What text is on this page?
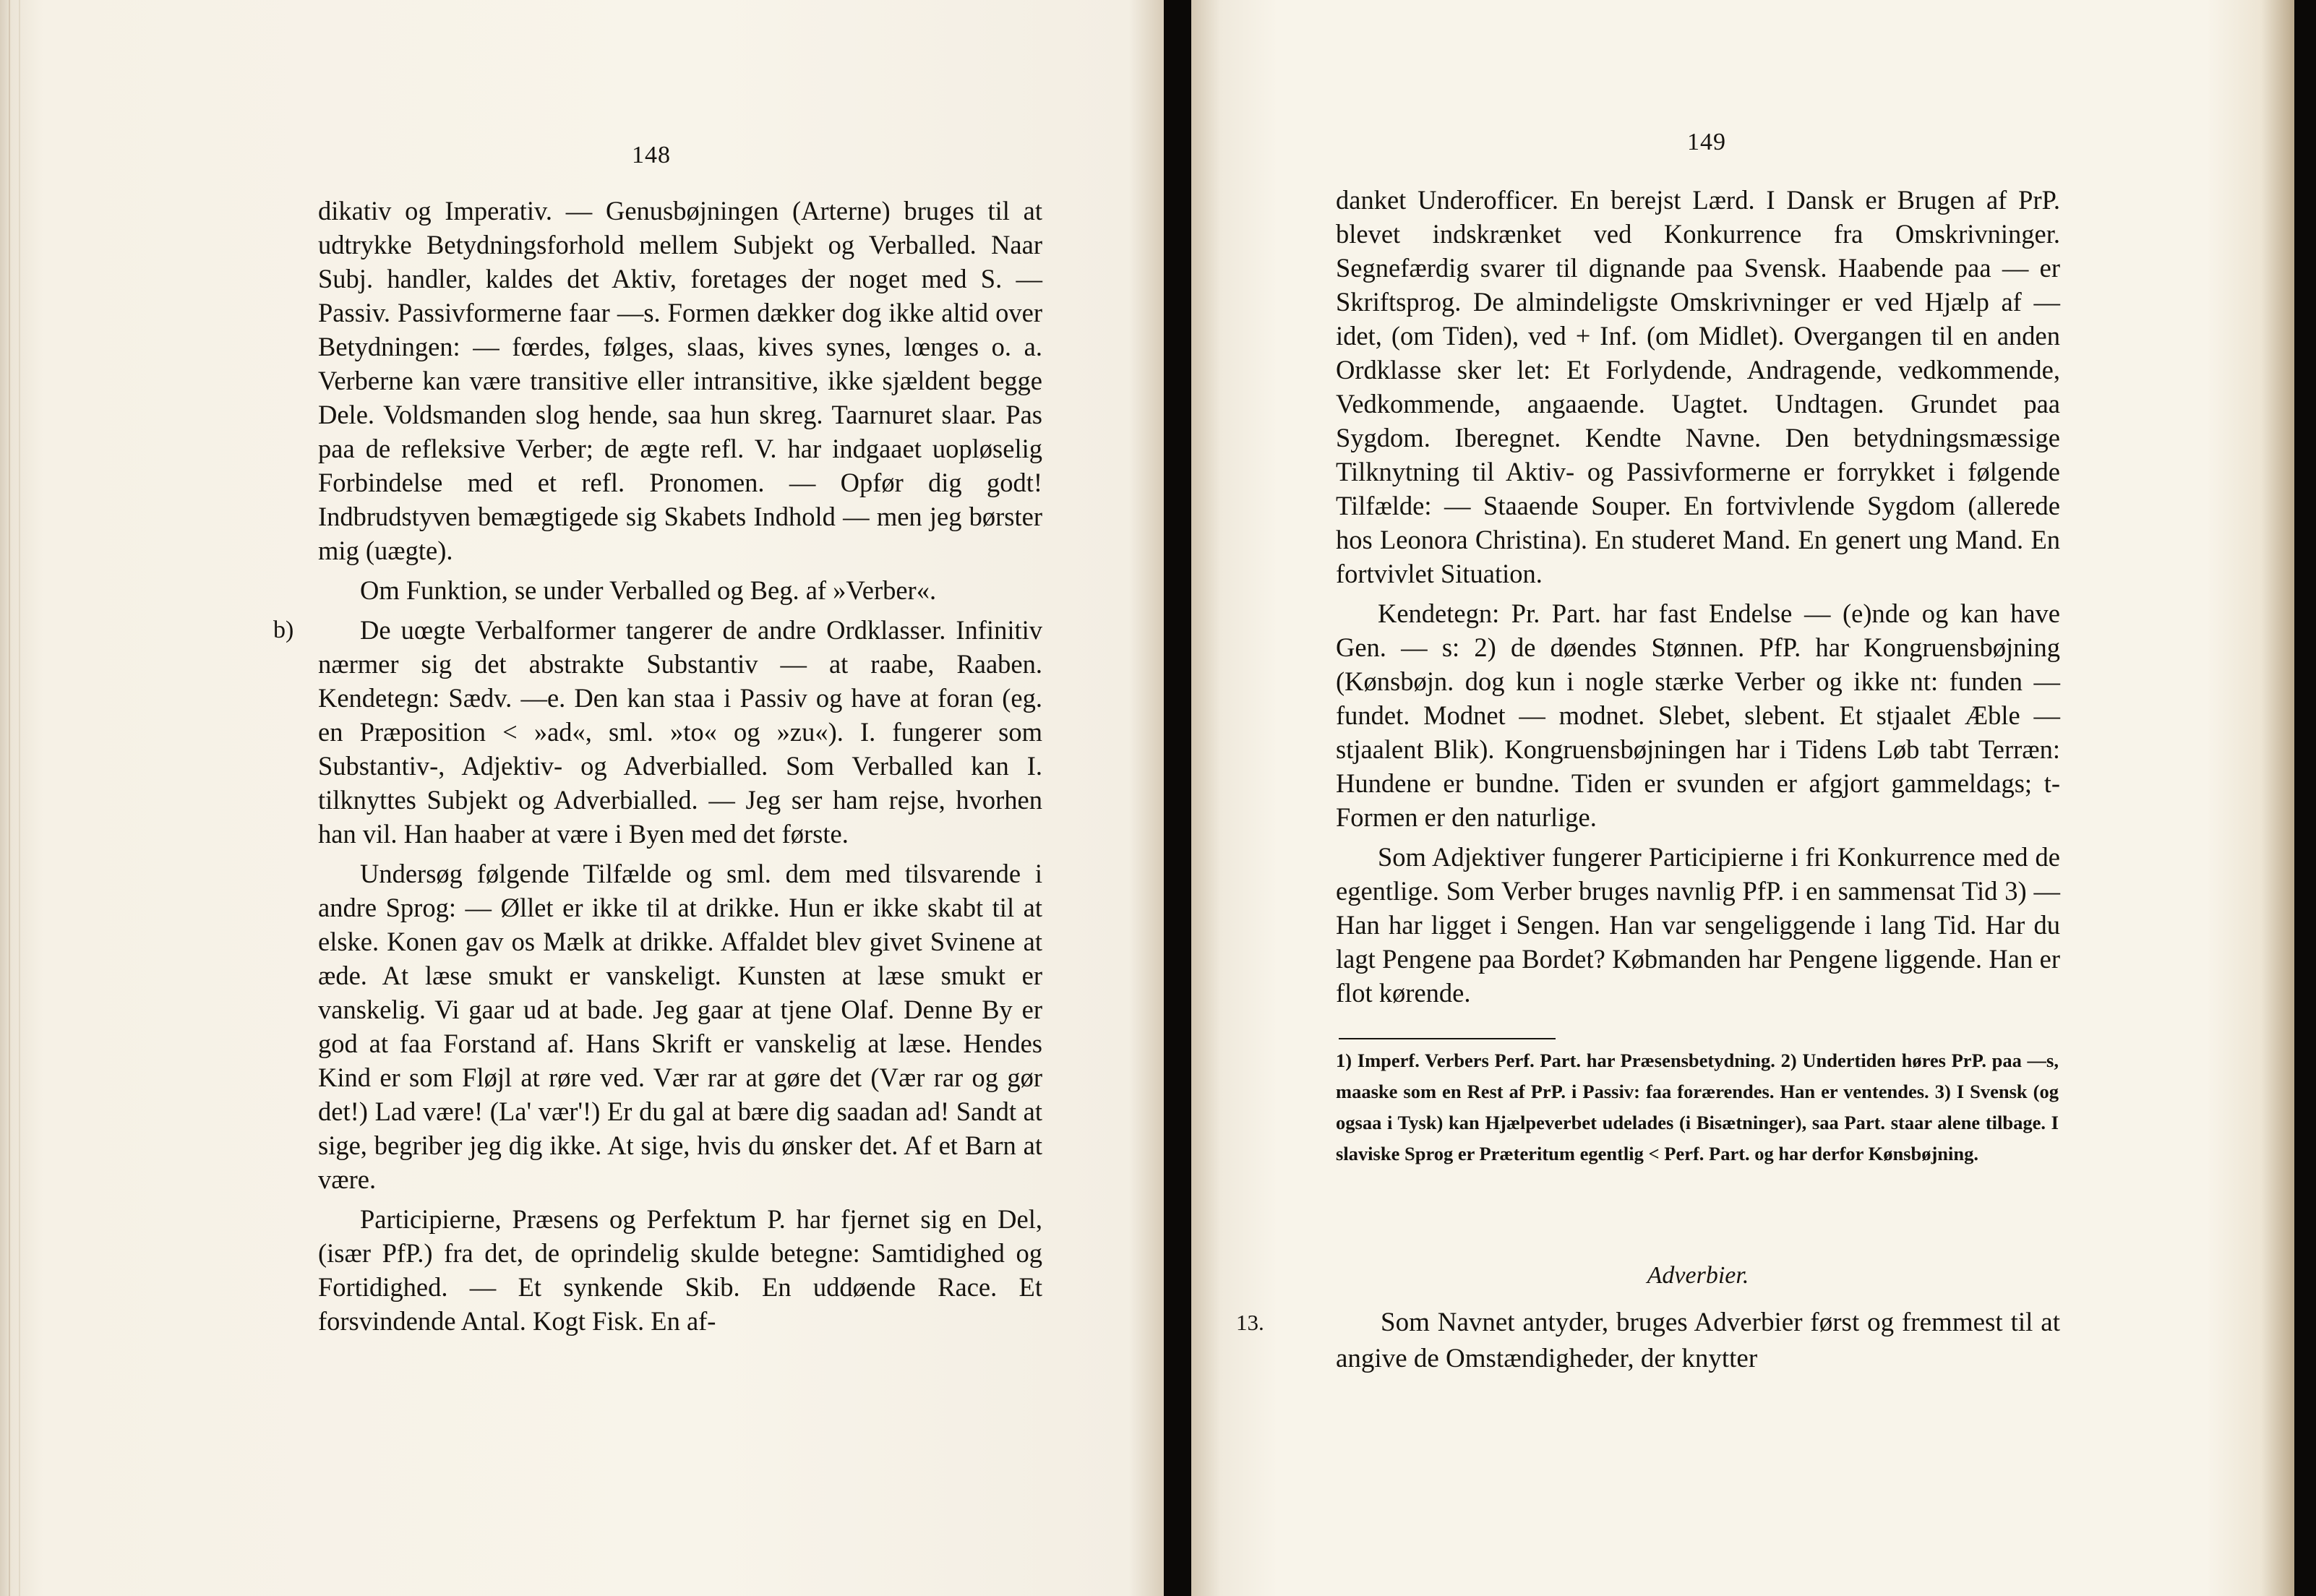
148

dikativ og Imperativ. — Genusbøjningen (Arterne) bruges til at udtrykke Betydningsforhold mellem Subjekt og Verballed. Naar Subj. handler, kaldes det Aktiv, foretages der noget med S. — Passiv. Passivformerne faar —s. Formen dækker dog ikke altid over Betydningen: — fœrdes, følges, slaas, kives synes, lœnges o. a. Verberne kan være transitive eller intransitive, ikke sjældent begge Dele. Voldsmanden slog hende, saa hun skreg. Taarnuret slaar. Pas paa de refleksive Verber; de ægte refl. V. har indgaaet uopløselig Forbindelse med et refl. Pronomen. — Opfør dig godt! Indbrudstyven bemægtigede sig Skabets Indhold — men jeg børster mig (uægte).

Om Funktion, se under Verballed og Beg. af »Verber«.

b)	De uœgte Verbalformer tangerer de andre Ordklasser. Infinitiv nærmer sig det abstrakte Substantiv — at raabe, Raaben. Kendetegn: Sædv. —e. Den kan staa i Passiv og have at foran (eg. en Præposition < »ad«, sml. »to« og »zu«). I. fungerer som Substantiv-, Adjektiv- og Adverbialled. Som Verballed kan I. tilknyttes Subjekt og Adverbialled. — Jeg ser ham rejse, hvorhen han vil. Han haaber at være i Byen med det første.

Undersøg følgende Tilfælde og sml. dem med tilsvarende i andre Sprog: — Øllet er ikke til at drikke. Hun er ikke skabt til at elske. Konen gav os Mælk at drikke. Affaldet blev givet Svinene at æde. At læse smukt er vanskeligt. Kunsten at læse smukt er vanskelig. Vi gaar ud at bade. Jeg gaar at tjene Olaf. Denne By er god at faa Forstand af. Hans Skrift er vanskelig at læse. Hendes Kind er som Fløjl at røre ved. Vær rar at gøre det (Vær rar og gør det!) Lad være! (La' vær'!) Er du gal at bære dig saadan ad! Sandt at sige, begriber jeg dig ikke. At sige, hvis du ønsker det. Af et Barn at være.

Participierne, Præsens og Perfektum P. har fjernet sig en Del, (især PfP.) fra det, de oprindelig skulde betegne: Samtidighed og Fortidighed. — Et synkende Skib. En uddøende Race. Et forsvindende Antal. Kogt Fisk. En af-

149

danket Underofficer. En berejst Lærd. I Dansk er Brugen af PrP. blevet indskrænket ved Konkurrence fra Omskrivninger. Segnefærdig svarer til dignande paa Svensk. Haabende paa — er Skriftsprog. De almindeligste Omskrivninger er ved Hjælp af — idet, (om Tiden), ved + Inf. (om Midlet). Overgangen til en anden Ordklasse sker let: Et Forlydende, Andragende, vedkommende, Vedkommende, angaaende. Uagtet. Undtagen. Grundet paa Sygdom. Iberegnet. Kendte Navne. Den betydningsmæssige Tilknytning til Aktiv- og Passivformerne er forrykket i følgende Tilfælde: — Staaende Souper. En fortvivlende Sygdom (allerede hos Leonora Christina). En studeret Mand. En genert ung Mand. En fortvivlet Situation.

Kendetegn: Pr. Part. har fast Endelse — (e)nde og kan have Gen. — s: 2) de døendes Stønnen. PfP. har Kongruensbøjning (Kønsbøjn. dog kun i nogle stærke Verber og ikke nt: funden — fundet. Modnet — modnet. Slebet, slebent. Et stjaalet Æble — stjaalent Blik). Kongruensbøjningen har i Tidens Løb tabt Terræn: Hundene er bundne. Tiden er svunden er afgjort gammeldags; t-Formen er den naturlige.

Som Adjektiver fungerer Participierne i fri Konkurrence med de egentlige. Som Verber bruges navnlig PfP. i en sammensat Tid 3) — Han har ligget i Sengen. Han var sengeliggende i lang Tid. Har du lagt Pengene paa Bordet? Købmanden har Pengene liggende. Han er flot kørende.

1) Imperf. Verbers Perf. Part. har Præsensbetydning. 2) Undertiden høres PrP. paa —s, maaske som en Rest af PrP. i Passiv: faa forærendes. Han er ventendes. 3) I Svensk (og ogsaa i Tysk) kan Hjælpeverbet udelades (i Bisætninger), saa Part. staar alene tilbage. I slaviske Sprog er Præteritum egentlig < Perf. Part. og har derfor Kønsbøjning.
Adverbier.
13.	Som Navnet antyder, bruges Adverbier først og fremmest til at angive de Omstændigheder, der knytter
